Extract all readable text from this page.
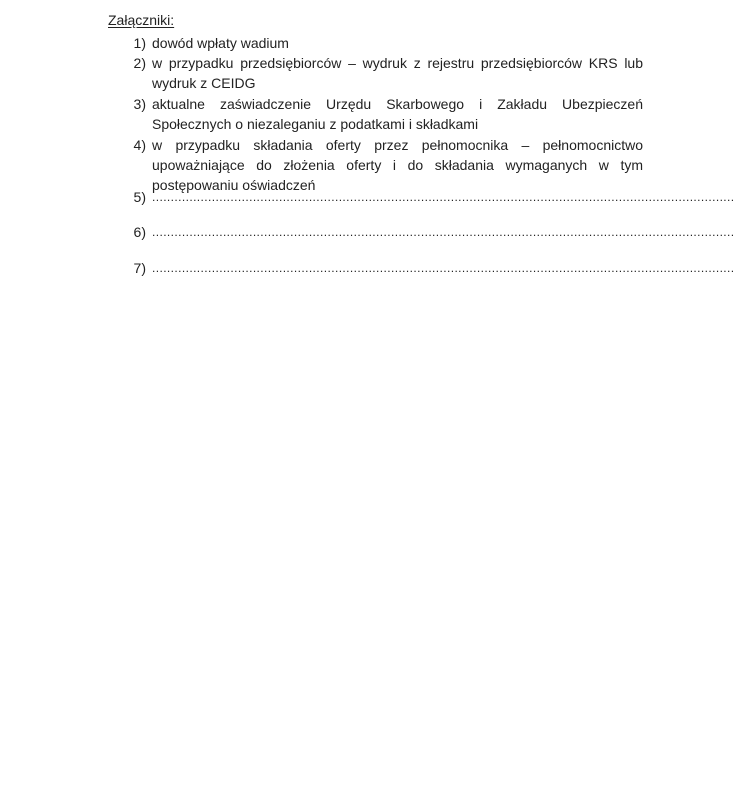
Załączniki:
1) dowód wpłaty wadium
2) w przypadku przedsiębiorców – wydruk z rejestru przedsiębiorców KRS lub wydruk z CEIDG
3) aktualne zaświadczenie Urzędu Skarbowego i Zakładu Ubezpieczeń Społecznych o niezaleganiu z podatkami i składkami
4) w przypadku składania oferty przez pełnomocnika – pełnomocnictwo upoważniające do złożenia oferty i do składania wymaganych w tym postępowaniu oświadczeń
5) ............................................................................................................................................................
6) ............................................................................................................................................................
7) ............................................................................................................................................................
